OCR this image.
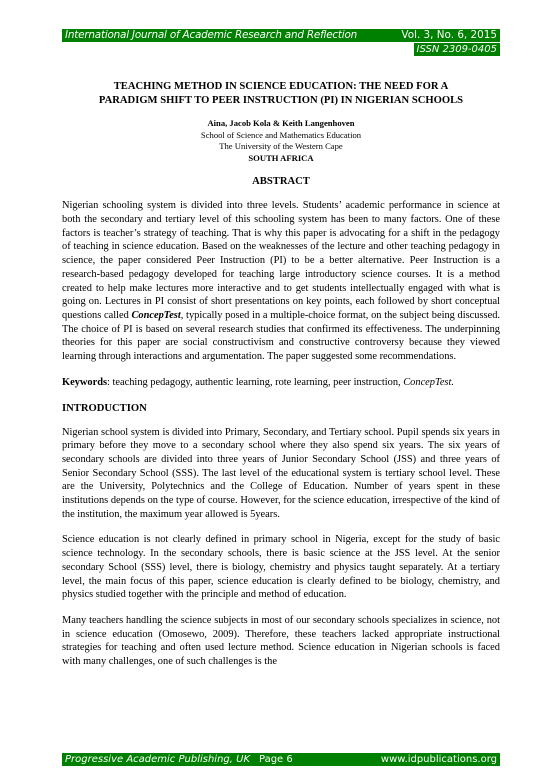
International Journal of Academic Research and Reflection	Vol. 3, No. 6, 2015
ISSN 2309-0405
TEACHING METHOD IN SCIENCE EDUCATION: THE NEED FOR A
PARADIGM SHIFT TO PEER INSTRUCTION (PI) IN NIGERIAN SCHOOLS
Aina, Jacob Kola & Keith Langenhoven
School of Science and Mathematics Education
The University of the Western Cape
SOUTH AFRICA
ABSTRACT

Nigerian schooling system is divided into three levels. Students’ academic performance in science at both the secondary and tertiary level of this schooling system has been to many factors. One of these factors is teacher’s strategy of teaching. That is why this paper is advocating for a shift in the pedagogy of teaching in science education. Based on the weaknesses of the lecture and other teaching pedagogy in science, the paper considered Peer Instruction (PI) to be a better alternative. Peer Instruction is a research-based pedagogy developed for teaching large introductory science courses. It is a method created to help make lectures more interactive and to get students intellectually engaged with what is going on. Lectures in PI consist of short presentations on key points, each followed by short conceptual questions called ConcepTest, typically posed in a multiple-choice format, on the subject being discussed. The choice of PI is based on several research studies that confirmed its effectiveness. The underpinning theories for this paper are social constructivism and constructive controversy because they viewed learning through interactions and argumentation. The paper suggested some recommendations.

Keywords: teaching pedagogy, authentic learning, rote learning, peer instruction, ConcepTest.

INTRODUCTION

Nigerian school system is divided into Primary, Secondary, and Tertiary school. Pupil spends six years in primary before they move to a secondary school where they also spend six years. The six years of secondary schools are divided into three years of Junior Secondary School (JSS) and three years of Senior Secondary School (SSS). The last level of the educational system is tertiary school level. These are the University, Polytechnics and the College of Education. Number of years spent in these institutions depends on the type of course. However, for the science education, irrespective of the kind of the institution, the maximum year allowed is 5years.

Science education is not clearly defined in primary school in Nigeria, except for the study of basic science technology. In the secondary schools, there is basic science at the JSS level. At the senior secondary School (SSS) level, there is biology, chemistry and physics taught separately. At a tertiary level, the main focus of this paper, science education is clearly defined to be biology, chemistry, and physics studied together with the principle and method of education.

Many teachers handling the science subjects in most of our secondary schools specializes in science, not in science education (Omosewo, 2009). Therefore, these teachers lacked appropriate instructional strategies for teaching and often used lecture method. Science education in Nigerian schools is faced with many challenges, one of such challenges is the

Progressive Academic Publishing, UK Page 6	www.idpublications.org
